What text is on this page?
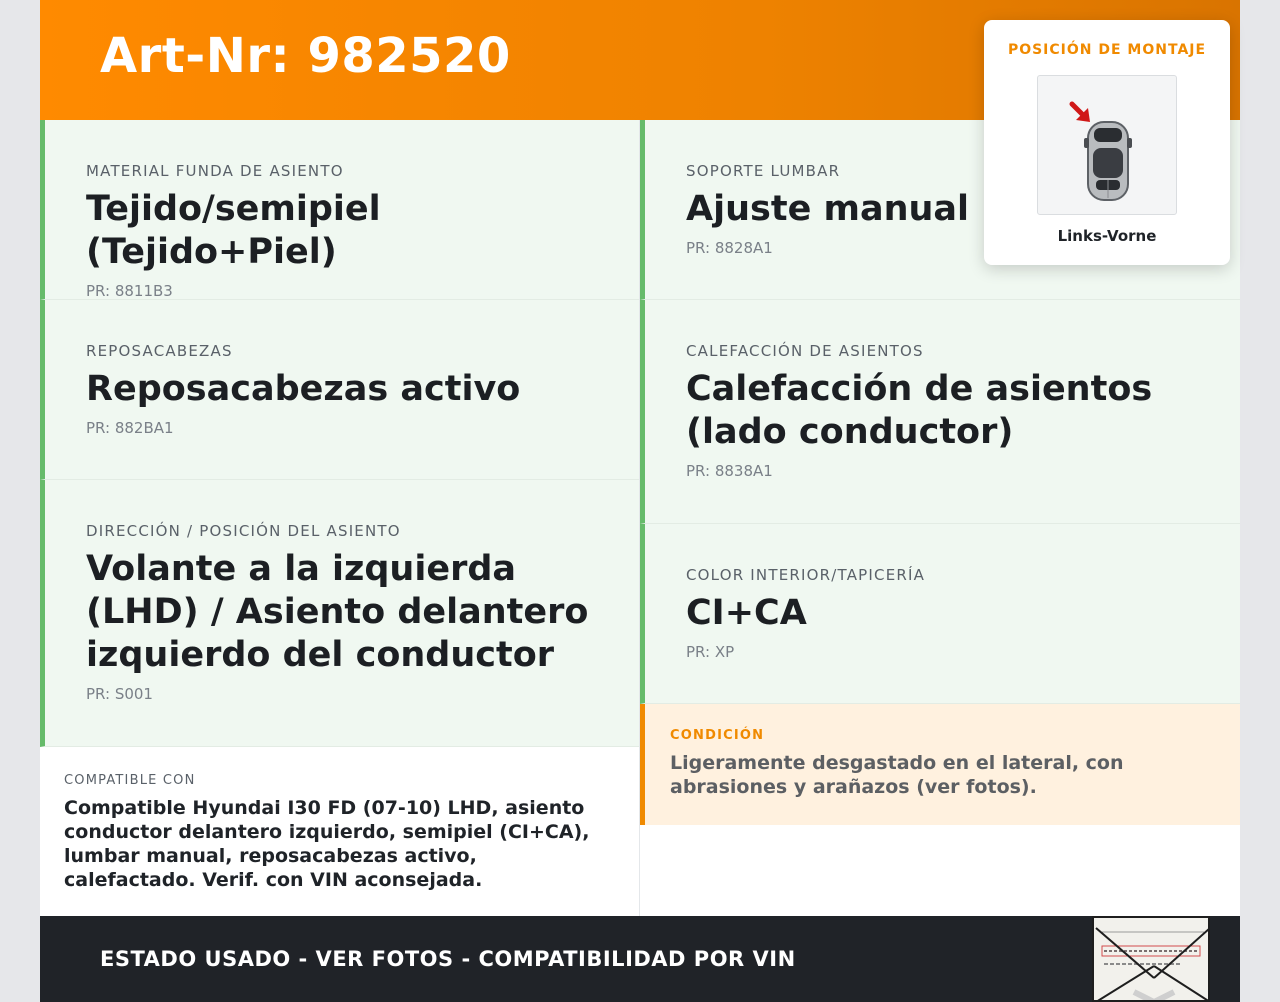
Art-Nr: 982520
MATERIAL FUNDA DE ASIENTO
Tejido/semipiel (Tejido+Piel)
PR: 8811B3
REPOSACABEZAS
Reposacabezas activo
PR: 882BA1
DIRECCIÓN / POSICIÓN DEL ASIENTO
Volante a la izquierda (LHD) / Asiento delantero izquierdo del conductor
PR: S001
SOPORTE LUMBAR
Ajuste manual
PR: 8828A1
CALEFACCIÓN DE ASIENTOS
Calefacción de asientos (lado conductor)
PR: 8838A1
COLOR INTERIOR/TAPICERÍA
CI+CA
PR: XP
COMPATIBLE CON
Compatible Hyundai I30 FD (07-10) LHD, asiento conductor delantero izquierdo, semipiel (CI+CA), lumbar manual, reposacabezas activo, calefactado. Verif. con VIN aconsejada.
CONDICIÓN
Ligeramente desgastado en el lateral, con abrasiones y arañazos (ver fotos).
ESTADO USADO - VER FOTOS - COMPATIBILIDAD POR VIN
POSICIÓN DE MONTAJE
Links-Vorne
